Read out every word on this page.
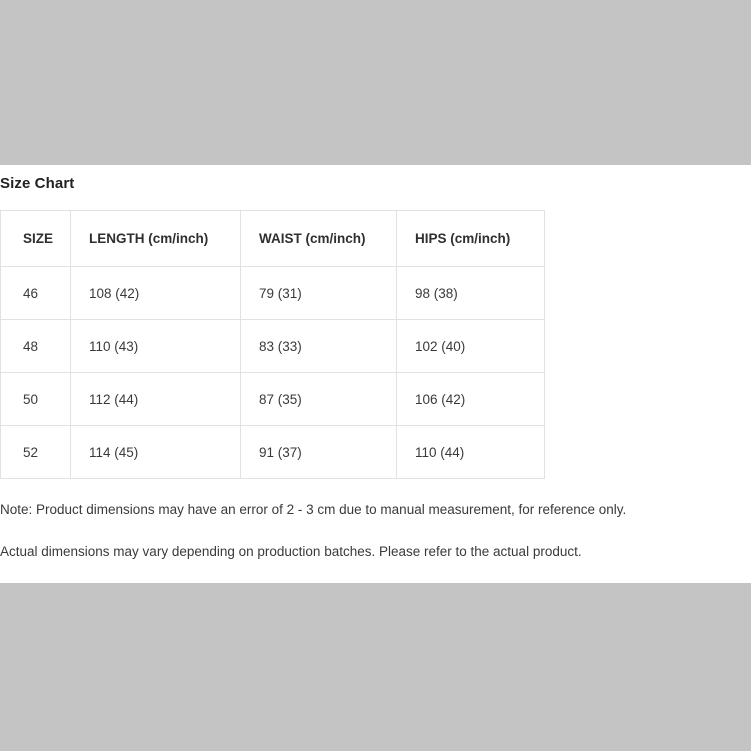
Size Chart
SIZE	LENGTH (cm/inch)	WAIST (cm/inch)	HIPS (cm/inch)
46	108 (42)	79 (31)	98 (38)
48	110 (43)	83 (33)	102 (40)
50	112 (44)	87 (35)	106 (42)
52	114 (45)	91 (37)	110 (44)
Note: Product dimensions may have an error of 2 - 3 cm due to manual measurement, for reference only.
Actual dimensions may vary depending on production batches. Please refer to the actual product.
